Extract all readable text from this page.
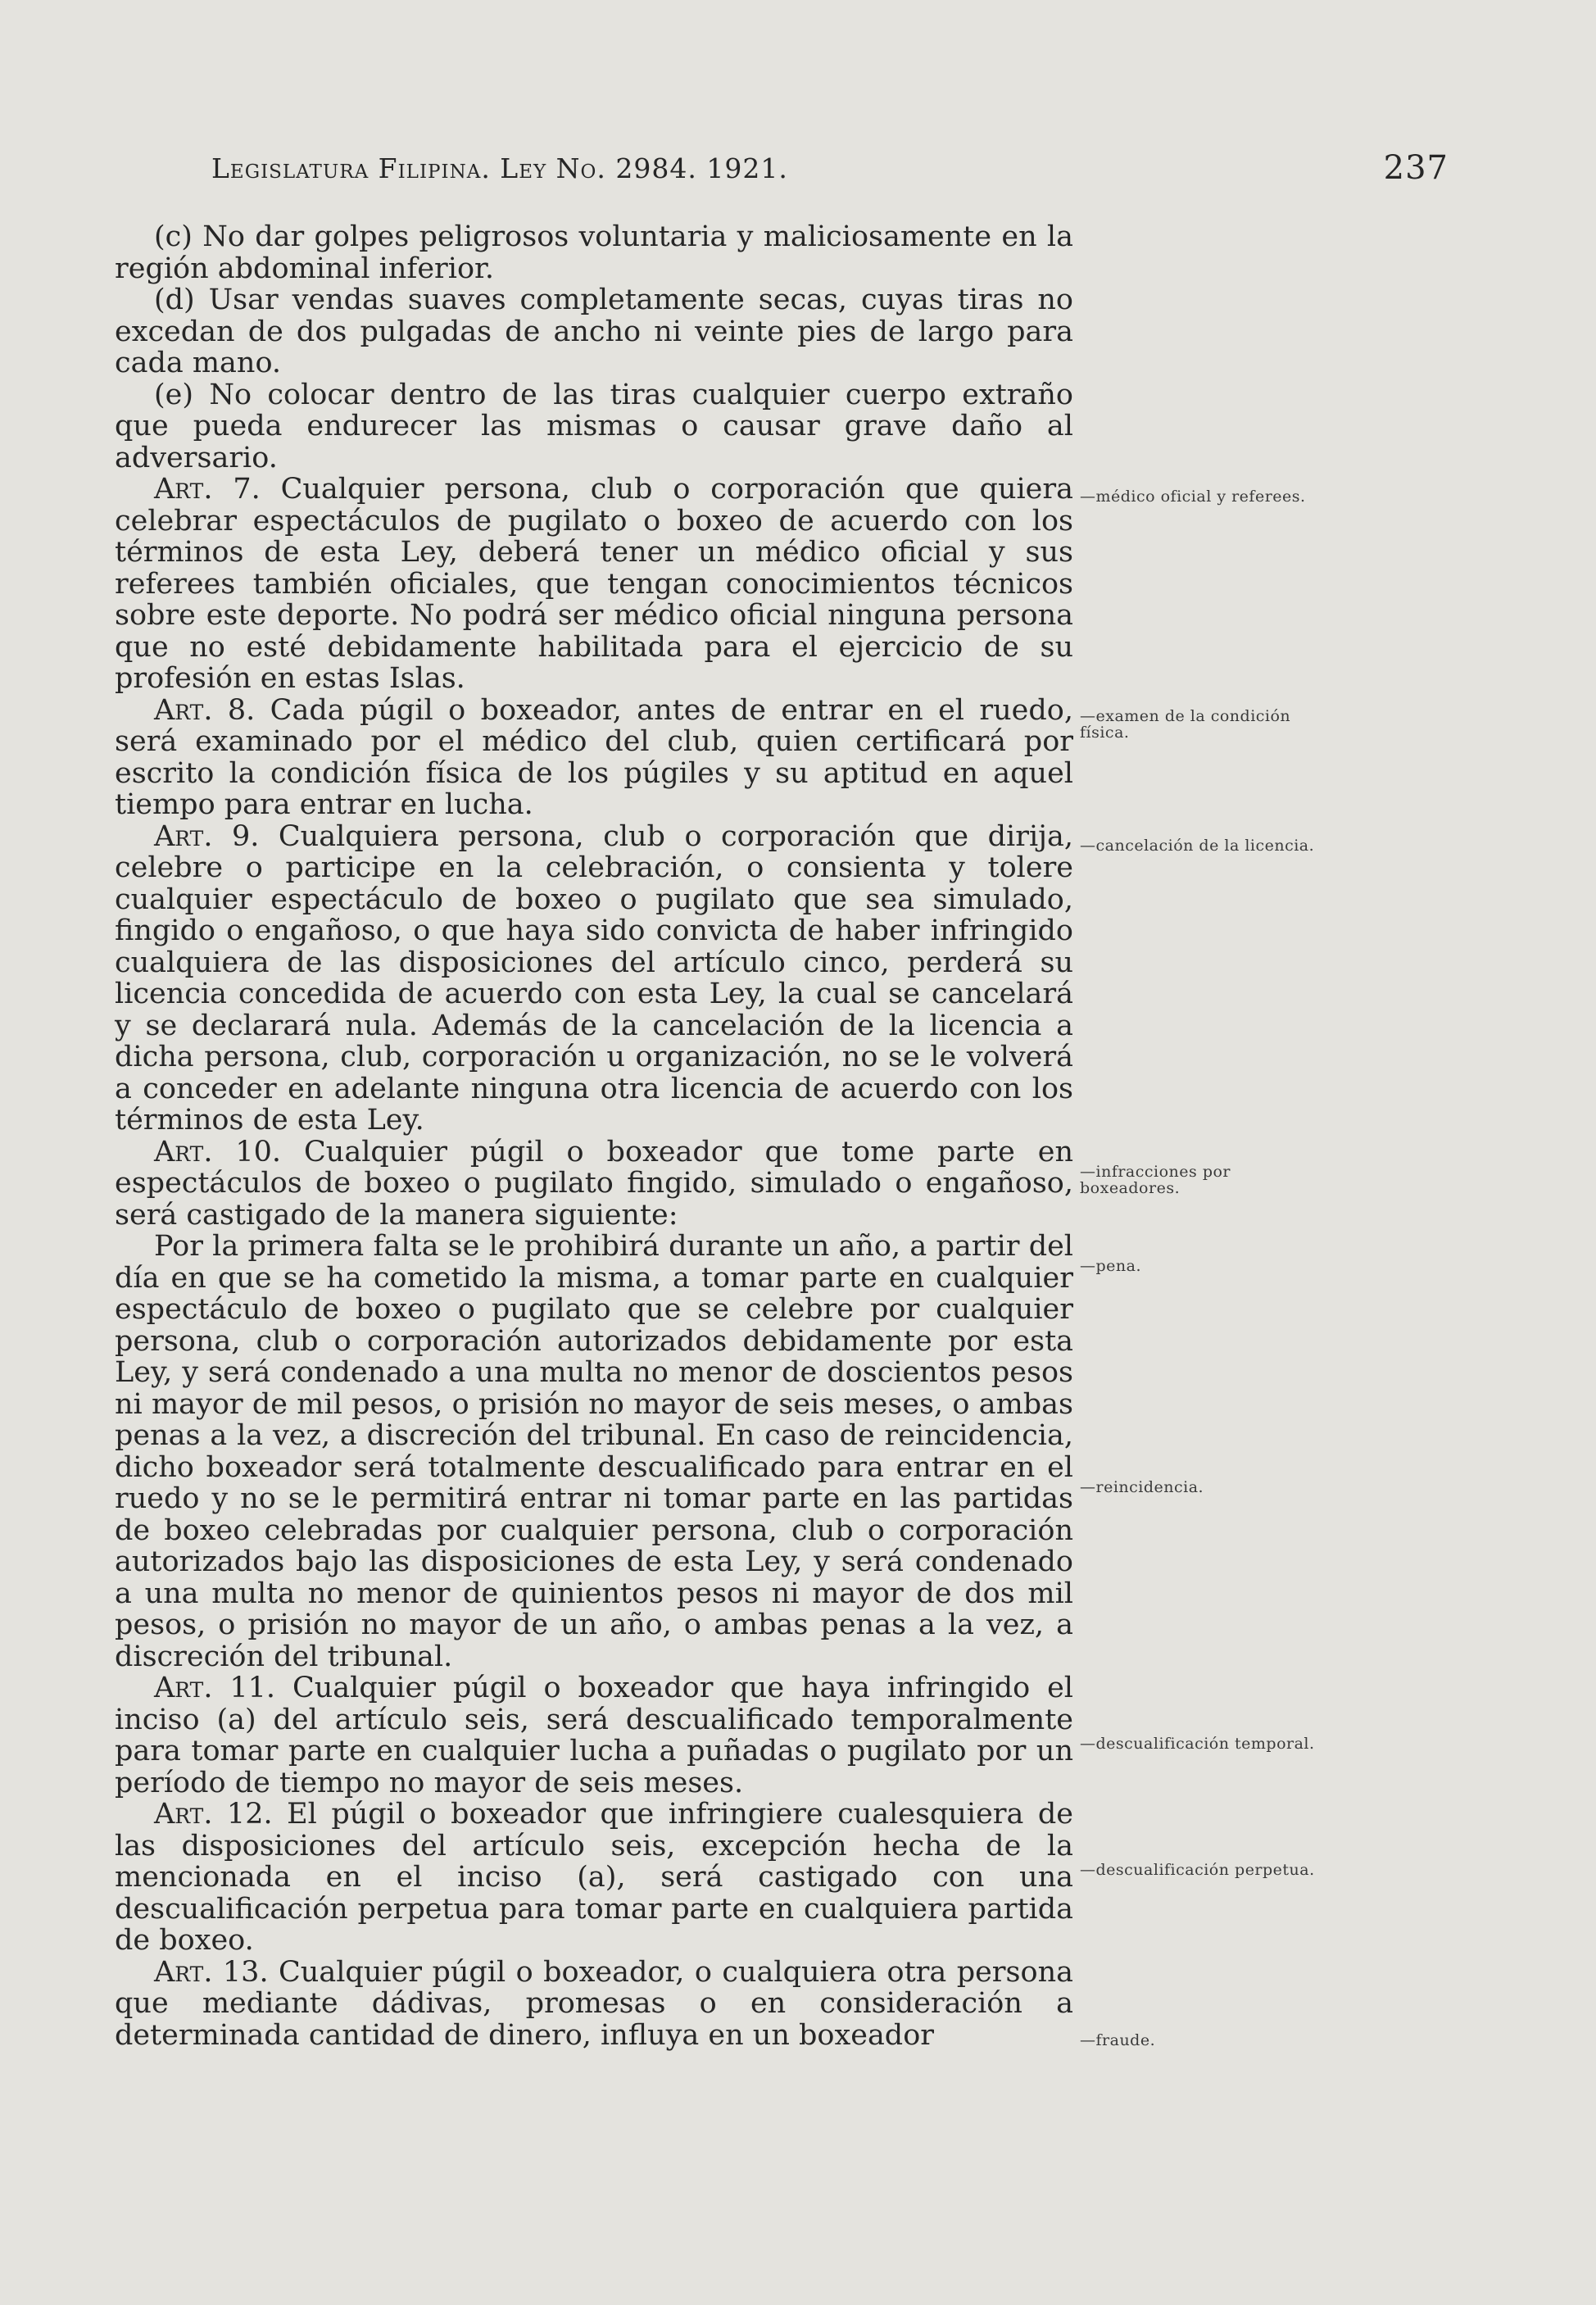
Legislatura Filipina. Ley No. 2984. 1921.	237

(c) No dar golpes peligrosos voluntaria y maliciosamente en la región abdominal inferior.

(d) Usar vendas suaves completamente secas, cuyas tiras no excedan de dos pulgadas de ancho ni veinte pies de largo para cada mano.

(e) No colocar dentro de las tiras cualquier cuerpo extraño que pueda endurecer las mismas o causar grave daño al adversario.

Art. 7. Cualquier persona, club o corporación que quiera celebrar espectáculos de pugilato o boxeo de acuerdo con los términos de esta Ley, deberá tener un médico oficial y sus referees también oficiales, que tengan conocimientos técnicos sobre este deporte. No podrá ser médico oficial ninguna persona que no esté debidamente habilitada para el ejercicio de su profesión en estas Islas.

Art. 8. Cada púgil o boxeador, antes de entrar en el ruedo, será examinado por el médico del club, quien certificará por escrito la condición física de los púgiles y su aptitud en aquel tiempo para entrar en lucha.

Art. 9. Cualquiera persona, club o corporación que dirija, celebre o participe en la celebración, o consienta y tolere cualquier espectáculo de boxeo o pugilato que sea simulado, fingido o engañoso, o que haya sido convicta de haber infringido cualquiera de las disposiciones del artículo cinco, perderá su licencia concedida de acuerdo con esta Ley, la cual se cancelará y se declarará nula. Además de la cancelación de la licencia a dicha persona, club, corporación u organización, no se le volverá a conceder en adelante ninguna otra licencia de acuerdo con los términos de esta Ley.

Art. 10. Cualquier púgil o boxeador que tome parte en espectáculos de boxeo o pugilato fingido, simulado o engañoso, será castigado de la manera siguiente:

Por la primera falta se le prohibirá durante un año, a partir del día en que se ha cometido la misma, a tomar parte en cualquier espectáculo de boxeo o pugilato que se celebre por cualquier persona, club o corporación autorizados debidamente por esta Ley, y será condenado a una multa no menor de doscientos pesos ni mayor de mil pesos, o prisión no mayor de seis meses, o ambas penas a la vez, a discreción del tribunal. En caso de reincidencia, dicho boxeador será totalmente descualificado para entrar en el ruedo y no se le permitirá entrar ni tomar parte en las partidas de boxeo celebradas por cualquier persona, club o corporación autorizados bajo las disposiciones de esta Ley, y será condenado a una multa no menor de quinientos pesos ni mayor de dos mil pesos, o prisión no mayor de un año, o ambas penas a la vez, a discreción del tribunal.

Art. 11. Cualquier púgil o boxeador que haya infringido el inciso (a) del artículo seis, será descualificado temporalmente para tomar parte en cualquier lucha a puñadas o pugilato por un período de tiempo no mayor de seis meses.

Art. 12. El púgil o boxeador que infringiere cualesquiera de las disposiciones del artículo seis, excepción hecha de la mencionada en el inciso (a), será castigado con una descualificación perpetua para tomar parte en cualquiera partida de boxeo.

Art. 13. Cualquier púgil o boxeador, o cualquiera otra persona que mediante dádivas, promesas o en consideración a determinada cantidad de dinero, influya en un boxeador

—médico oficial y referees.
—examen de la condición física.
—cancelación de la licencia.
—infracciones por boxeadores.
—pena.
—reincidencia.
—descualificación temporal.
—descualificación perpetua.
—fraude.
